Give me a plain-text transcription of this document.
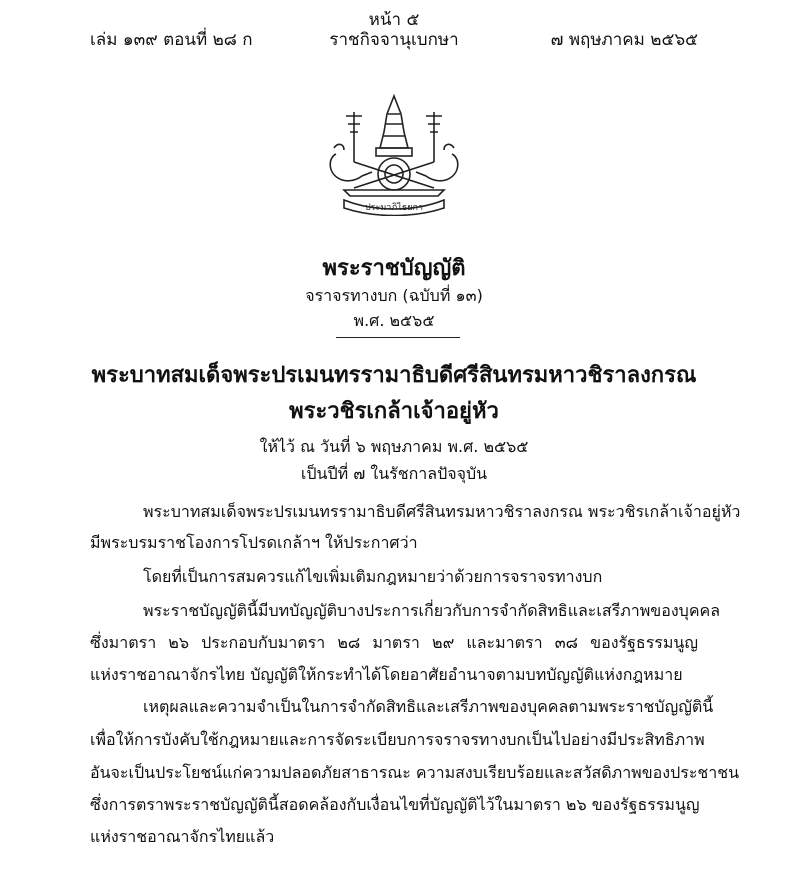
หน้า ๕
เล่ม ๑๓๙ ตอนที่ ๒๘ ก	ราชกิจจานุเบกษา	๗ พฤษภาคม ๒๕๖๕
ประมาภิไธยกา
พระราชบัญญัติ
จราจรทางบก (ฉบับที่ ๑๓)
พ.ศ. ๒๕๖๕
พระบาทสมเด็จพระปรเมนทรรามาธิบดีศรีสินทรมหาวชิราลงกรณ
พระวชิรเกล้าเจ้าอยู่หัว
ให้ไว้ ณ วันที่ ๖ พฤษภาคม พ.ศ. ๒๕๖๕
เป็นปีที่ ๗ ในรัชกาลปัจจุบัน
พระบาทสมเด็จพระปรเมนทรรามาธิบดีศรีสินทรมหาวชิราลงกรณ พระวชิรเกล้าเจ้าอยู่หัว
มีพระบรมราชโองการโปรดเกล้าฯ ให้ประกาศว่า
โดยที่เป็นการสมควรแก้ไขเพิ่มเติมกฎหมายว่าด้วยการจราจรทางบก
พระราชบัญญัตินี้มีบทบัญญัติบางประการเกี่ยวกับการจำกัดสิทธิและเสรีภาพของบุคคล
ซึ่งมาตรา ๒๖ ประกอบกับมาตรา ๒๘ มาตรา ๒๙ และมาตรา ๓๘ ของรัฐธรรมนูญ
แห่งราชอาณาจักรไทย บัญญัติให้กระทำได้โดยอาศัยอำนาจตามบทบัญญัติแห่งกฎหมาย
เหตุผลและความจำเป็นในการจำกัดสิทธิและเสรีภาพของบุคคลตามพระราชบัญญัตินี้
เพื่อให้การบังคับใช้กฎหมายและการจัดระเบียบการจราจรทางบกเป็นไปอย่างมีประสิทธิภาพ
อันจะเป็นประโยชน์แก่ความปลอดภัยสาธารณะ ความสงบเรียบร้อยและสวัสดิภาพของประชาชน
ซึ่งการตราพระราชบัญญัตินี้สอดคล้องกับเงื่อนไขที่บัญญัติไว้ในมาตรา ๒๖ ของรัฐธรรมนูญ
แห่งราชอาณาจักรไทยแล้ว
